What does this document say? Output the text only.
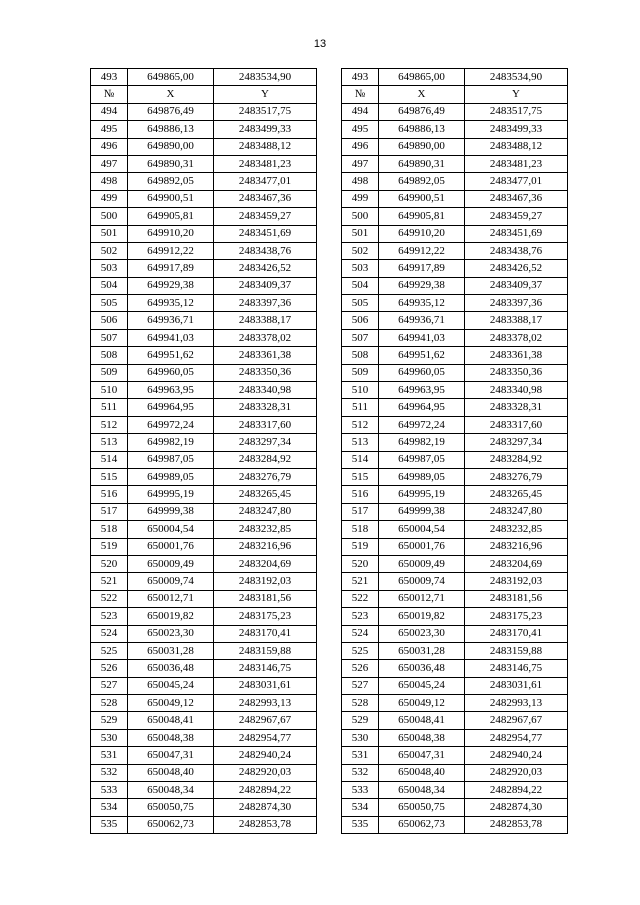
13
493	649865,00	2483534,90		493	649865,00	2483534,90
№	X	Y		№	X	Y
494	649876,49	2483517,75		494	649876,49	2483517,75
495	649886,13	2483499,33		495	649886,13	2483499,33
496	649890,00	2483488,12		496	649890,00	2483488,12
497	649890,31	2483481,23		497	649890,31	2483481,23
498	649892,05	2483477,01		498	649892,05	2483477,01
499	649900,51	2483467,36		499	649900,51	2483467,36
500	649905,81	2483459,27		500	649905,81	2483459,27
501	649910,20	2483451,69		501	649910,20	2483451,69
502	649912,22	2483438,76		502	649912,22	2483438,76
503	649917,89	2483426,52		503	649917,89	2483426,52
504	649929,38	2483409,37		504	649929,38	2483409,37
505	649935,12	2483397,36		505	649935,12	2483397,36
506	649936,71	2483388,17		506	649936,71	2483388,17
507	649941,03	2483378,02		507	649941,03	2483378,02
508	649951,62	2483361,38		508	649951,62	2483361,38
509	649960,05	2483350,36		509	649960,05	2483350,36
510	649963,95	2483340,98		510	649963,95	2483340,98
511	649964,95	2483328,31		511	649964,95	2483328,31
512	649972,24	2483317,60		512	649972,24	2483317,60
513	649982,19	2483297,34		513	649982,19	2483297,34
514	649987,05	2483284,92		514	649987,05	2483284,92
515	649989,05	2483276,79		515	649989,05	2483276,79
516	649995,19	2483265,45		516	649995,19	2483265,45
517	649999,38	2483247,80		517	649999,38	2483247,80
518	650004,54	2483232,85		518	650004,54	2483232,85
519	650001,76	2483216,96		519	650001,76	2483216,96
520	650009,49	2483204,69		520	650009,49	2483204,69
521	650009,74	2483192,03		521	650009,74	2483192,03
522	650012,71	2483181,56		522	650012,71	2483181,56
523	650019,82	2483175,23		523	650019,82	2483175,23
524	650023,30	2483170,41		524	650023,30	2483170,41
525	650031,28	2483159,88		525	650031,28	2483159,88
526	650036,48	2483146,75		526	650036,48	2483146,75
527	650045,24	2483031,61		527	650045,24	2483031,61
528	650049,12	2482993,13		528	650049,12	2482993,13
529	650048,41	2482967,67		529	650048,41	2482967,67
530	650048,38	2482954,77		530	650048,38	2482954,77
531	650047,31	2482940,24		531	650047,31	2482940,24
532	650048,40	2482920,03		532	650048,40	2482920,03
533	650048,34	2482894,22		533	650048,34	2482894,22
534	650050,75	2482874,30		534	650050,75	2482874,30
535	650062,73	2482853,78		535	650062,73	2482853,78
